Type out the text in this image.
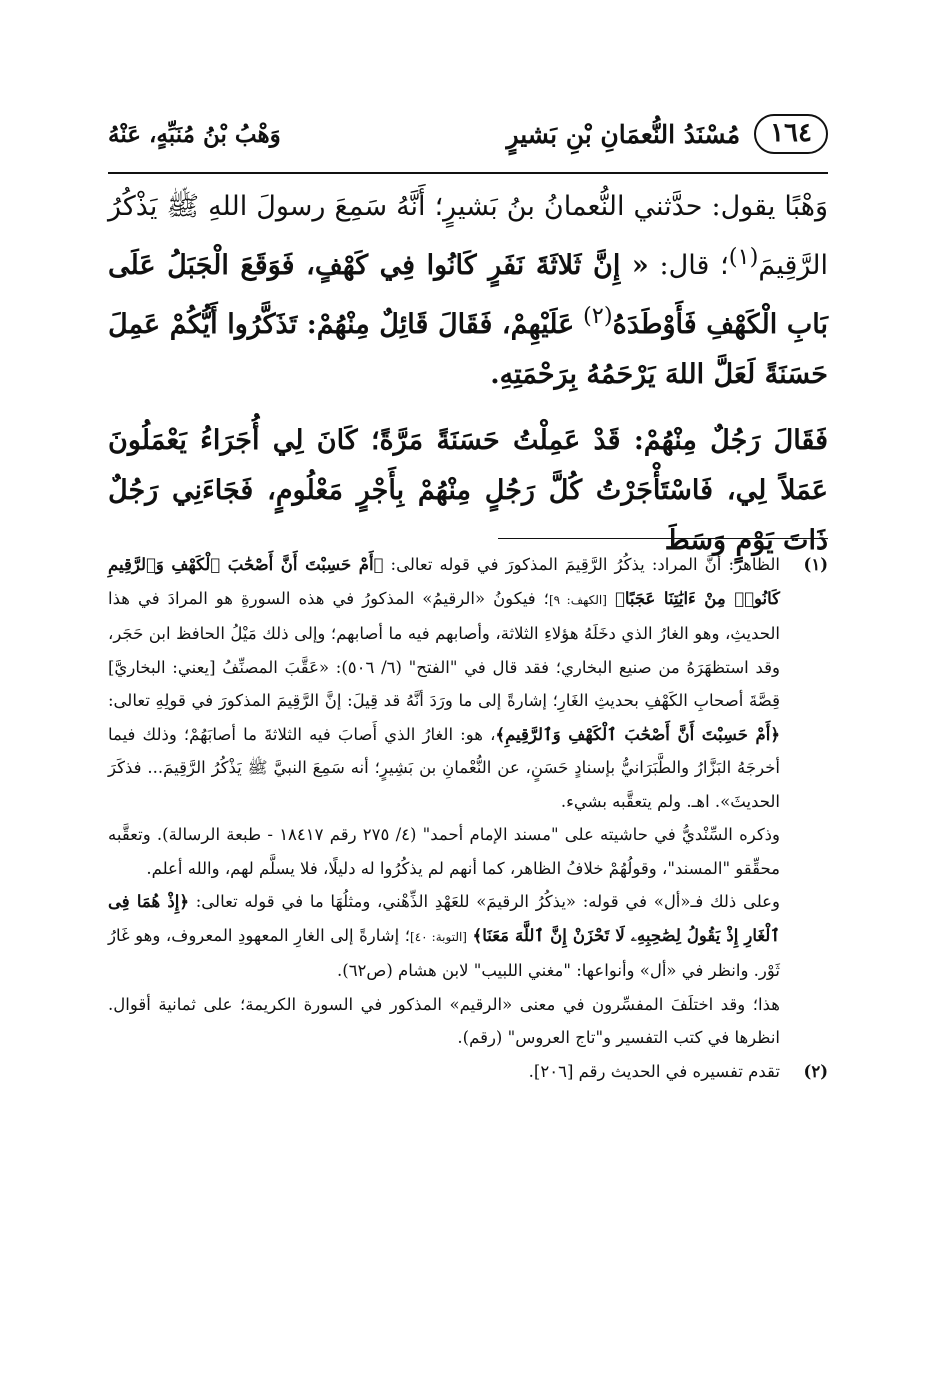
١٦٤
مُسْنَدُ النُّعمَانِ بْنِ بَشيرٍ
وَهْبُ بْنُ مُنَبِّهٍ، عَنْهُ

وَهْبًا يقول: حدَّثني النُّعمانُ بنُ بَشيرٍ؛ أَنَّهُ سَمِعَ رسولَ اللهِ ﷺ يَذْكُرُ الرَّقِيمَ$^{(١)}$؛ قال: « إِنَّ ثَلاثَةَ نَفَرٍ كَانُوا فِي كَهْفٍ، فَوَقَعَ الْجَبَلُ عَلَى بَابِ الْكَهْفِ فَأَوْطَدَهُ$^{(٢)}$ عَلَيْهِمْ، فَقَالَ قَائِلٌ مِنْهُمْ: تَذَكَّرُوا أَيُّكُمْ عَمِلَ حَسَنَةً لَعَلَّ اللهَ يَرْحَمُهُ بِرَحْمَتِهِ.

فَقَالَ رَجُلٌ مِنْهُمْ: قَدْ عَمِلْتُ حَسَنَةً مَرَّةً؛ كَانَ لِي أُجَرَاءُ يَعْمَلُونَ عَمَلاً لِي، فَاسْتَأْجَرْتُ كُلَّ رَجُلٍ مِنْهُمْ بِأَجْرٍ مَعْلُومٍ، فَجَاءَنِي رَجُلٌ ذَاتَ يَوْمٍ وَسَطَ

(١)
الظاهر: أنَّ المراد: يذكُرُ الرَّقِيمَ المذكورَ في قوله تعالى: ﴿أَمْ حَسِبْتَ أَنَّ أَصْحَٰبَ ٱلْكَهْفِ وَٱلرَّقِيمِ كَانُوا۟ مِنْ ءَايَٰتِنَا عَجَبًا﴾ [الكهف: ٩]؛ فيكونُ «الرقيمُ» المذكورُ في هذه السورةِ هو المرادَ في هذا الحديثِ، وهو الغارُ الذي دخَلَهُ هؤلاءِ الثلاثة، وأصابهم فيه ما أصابهم؛ وإلى ذلك مَيْلُ الحافظ ابن حَجَر، وقد استظهَرَهُ من صنيع البخاري؛ فقد قال في "الفتح" (٦/ ٥٠٦): «عَقَّبَ المصنِّفُ [يعني: البخاريَّ] قِصَّةَ أصحابِ الكَهْفِ بحديثِ الغَارِ؛ إشارةً إلى ما ورَدَ أنَّهُ قد قِيلَ: إنَّ الرَّقِيمَ المذكورَ في قولِهِ تعالى: ﴿أَمْ حَسِبْتَ أَنَّ أَصْحَٰبَ ٱلْكَهْفِ وَٱلرَّقِيمِ﴾، هو: الغارُ الذي أَصابَ فيه الثلاثةَ ما أصابَهُمْ؛ وذلك فيما أخرجَهُ البَزَّارُ والطَّبَرَانيُّ بإسنادٍ حَسَنٍ، عن النُّعْمانِ بن بَشِيرٍ؛ أنه سَمِعَ النبيَّ ﷺ يَذْكُرُ الرَّقِيمَ... فذكَرَ الحديثَ». اهـ. ولم يتعقَّبه بشيء.

وذكره السِّنْديُّ في حاشيته على "مسند الإمام أحمد" (٤/ ٢٧٥ رقم ١٨٤١٧ - طبعة الرسالة). وتعقَّبه محقِّقو "المسند"، وقولُهُمْ خلافُ الظاهر، كما أنهم لم يذكُرُوا له دليلًا، فلا يسلَّم لهم، والله أعلم.

وعلى ذلك فـ«أل» في قوله: «يذكُرُ الرقيمَ» للعَهْدِ الذِّهْني، ومثلُهَا ما في قوله تعالى: ﴿إِذْ هُمَا فِى ٱلْغَارِ إِذْ يَقُولُ لِصَٰحِبِهِۦ لَا تَحْزَنْ إِنَّ ٱللَّهَ مَعَنَا﴾ [التوبة: ٤٠]؛ إشارةً إلى الغارِ المعهودِ المعروف، وهو غَارُ ثَوْر. وانظر في «أل» وأنواعها: "مغني اللبيب" لابن هشام (ص٦٢).

هذا؛ وقد اختلَفَ المفسِّرون في معنى «الرقيم» المذكور في السورة الكريمة؛ على ثمانية أقوال. انظرها في كتب التفسير و"تاج العروس" (رقم).

(٢)
تقدم تفسيره في الحديث رقم [٢٠٦].
